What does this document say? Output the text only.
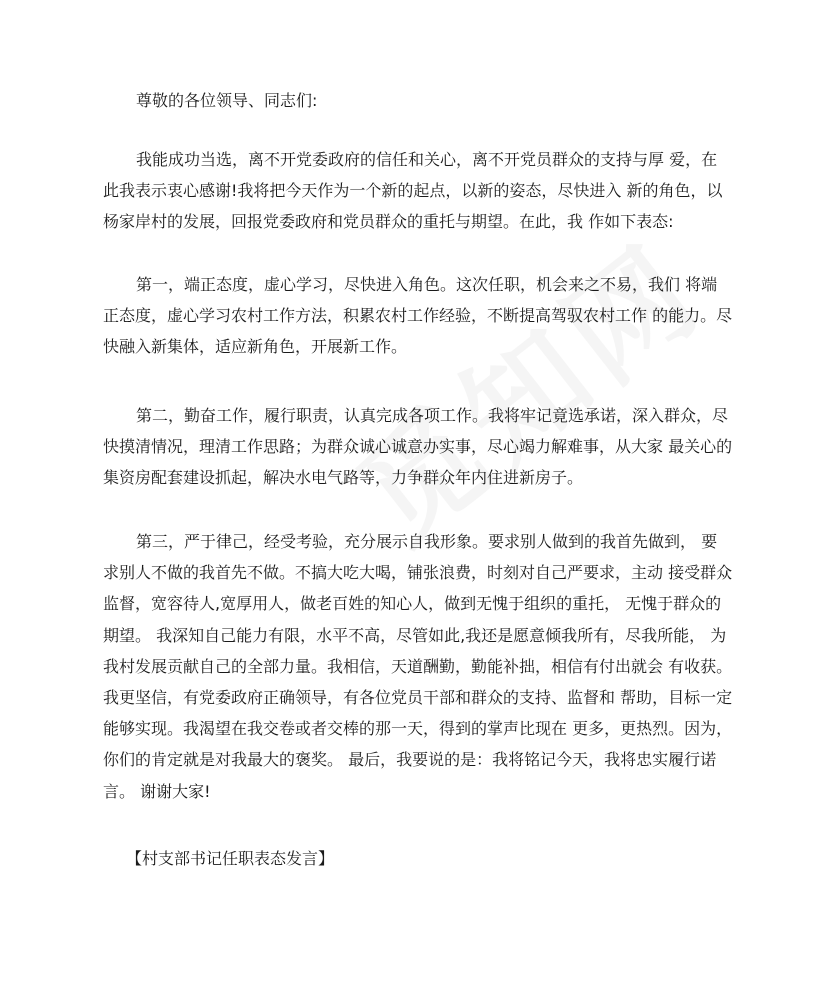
尊敬的各位领导、同志们:

我能成功当选，离不开党委政府的信任和关心，离不开党员群众的支持与厚 爱，在此我表示衷心感谢!我将把今天作为一个新的起点，以新的姿态，尽快进入 新的角色，以杨家岸村的发展，回报党委政府和党员群众的重托与期望。在此，我 作如下表态:

第一，端正态度，虚心学习，尽快进入角色。这次任职，机会来之不易，我们 将端正态度，虚心学习农村工作方法，积累农村工作经验，不断提高驾驭农村工作 的能力。尽快融入新集体，适应新角色，开展新工作。

第二，勤奋工作，履行职责，认真完成各项工作。我将牢记竟选承诺，深入群众，尽快摸清情况，理清工作思路；为群众诚心诚意办实事，尽心竭力解难事，从大家 最关心的集资房配套建设抓起，解决水电气路等，力争群众年内住进新房子。

第三，严于律己，经受考验，充分展示自我形象。要求别人做到的我首先做到， 要求别人不做的我首先不做。不搞大吃大喝，铺张浪费，时刻对自己严要求，主动 接受群众监督，宽容待人,宽厚用人，做老百姓的知心人，做到无愧于组织的重托， 无愧于群众的期望。 我深知自己能力有限，水平不高，尽管如此,我还是愿意倾我所有，尽我所能， 为我村发展贡献自己的全部力量。我相信，天道酬勤，勤能补拙，相信有付出就会 有收获。我更坚信，有党委政府正确领导，有各位党员干部和群众的支持、监督和 帮助，目标一定能够实现。我渴望在我交卷或者交棒的那一天，得到的掌声比现在 更多，更热烈。因为，你们的肯定就是对我最大的褒奖。 最后，我要说的是：我将铭记今天，我将忠实履行诺言。 谢谢大家!

【村支部书记任职表态发言】
